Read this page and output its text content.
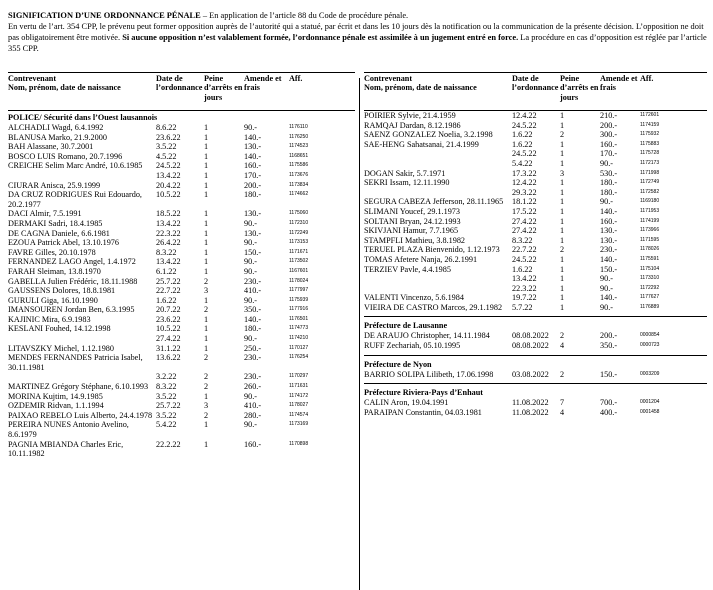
SIGNIFICATION D’UNE ORDONNANCE PÉNALE – En application de l’article 88 du Code de procédure pénale.

En vertu de l’art. 354 CPP, le prévenu peut former opposition auprès de l’autorité qui a statué, par écrit et dans les 10 jours dès la notification ou la communication de la présente décision. L’opposition ne doit pas obligatoirement être motivée. Si aucune opposition n’est valablement formée, l’ordonnance pénale est assimilée à un jugement entré en force. La procédure en cas d’opposition est réglée par l’article 355 CPP.

Contrevenant
Nom, prénom, date de naissance
Date de l’ordonnance
Peine d’arrêts en jours
Amende et frais
Aff.
POLICE/ Sécurité dans l’Ouest lausannois
ALCHADLI Wagd, 6.4.1992	8.6.22	1	90.-	1176110
BLANUSA Marko, 21.9.2000	23.6.22	1	140.-	1176250
BAH Alassane, 30.7.2001	3.5.22	1	130.-	1174523
BOSCO LUIS Romano, 20.7.1996	4.5.22	1	140.-	1168651
CREICHE Selim Marc André, 10.6.1985	24.5.22	1	160.-	1175586
13.4.22	1	170.-	1173676
CIURAR Anisca, 25.9.1999	20.4.22	1	200.-	1173834
DA CRUZ RODRIGUES Rui Edouardo, 20.2.1977
10.5.22	1	180.-	1174662
DACI Almir, 7.5.1991	18.5.22	1	130.-	1175060
DERMAKI Sadri, 18.4.1985	13.4.22	1	90.-	1172310
DE CAGNA Daniele, 6.6.1981	22.3.22	1	130.-	1172249
EZOUA Patrick Abel, 13.10.1976	26.4.22	1	90.-	1173153
FAVRE Gilles, 20.10.1978	8.3.22	1	150.-	1171671
FERNANDEZ LAGO Angel, 1.4.1972	13.4.22	1	90.-	1173502
FARAH Sleiman, 13.8.1970	6.1.22	1	90.-	1167601
GABELLA Julien Frédéric, 18.11.1988	25.7.22	2	230.-	1178024
GAUSSENS Dolores, 18.8.1981	22.7.22	3	410.-	1177997
GURULI Giga, 16.10.1990	1.6.22	1	90.-	1175939
IMANSOUREN Jordan Ben, 6.3.1995	20.7.22	2	350.-	1177916
KAJINIC Mira, 6.9.1983	23.6.22	1	140.-	1176501
KESLANI Fouhed, 14.12.1998	10.5.22	1	180.-	1174773
27.4.22	1	90.-	1174210
LITAVSZKY Michel, 1.12.1980	31.1.22	1	250.-	1170127
MENDES FERNANDES Patricia Isabel, 30.11.1981
13.6.22	2	230.-	1176254
3.2.22	2	230.-	1170297
MARTINEZ Grégory Stéphane, 6.10.1993 8.3.22	2	260.-	1171631
MORINA Kujtim, 14.9.1985	3.5.22	1	90.-	1174172
OZDEMIR Ridvan, 1.1.1994	25.7.22	3	410.-	1178027
PAIXAO REBELO Luis Alberto, 24.4.1978 3.5.22	2	280.-	1174574
PEREIRA NUNES Antonio Avelino, 8.6.1979
5.4.22	1	90.-	1173169
PAGNIA MBIANDA Charles Eric, 10.11.1982
22.2.22	1	160.-	1170898
Contrevenant
Nom, prénom, date de naissance
Date de l’ordonnance
Peine d’arrêts en jours
Amende et frais
Aff.
POIRIER Sylvie, 21.4.1959	12.4.22	1	210.-	1172601
RAMQAJ Dardan, 8.12.1986	24.5.22	1	200.-	1174159
SAENZ GONZALEZ Noelia, 3.2.1998	1.6.22	2	300.-	1175932
SAE-HENG Sahatsanai, 21.4.1999	1.6.22	1	160.-	1175883
24.5.22	1	170.-	1175728
5.4.22	1	90.-	1172173
DOGAN Sakir, 5.7.1971	17.3.22	3	530.-	1171998
SEKRI Issam, 12.11.1990	12.4.22	1	180.-	1172749
29.3.22	1	180.-	1172582
SEGURA CABEZA Jefferson, 28.11.1965	18.1.22	1	90.-	1169180
SLIMANI Youcef, 29.1.1973	17.5.22	1	140.-	1171953
SOLTANI Bryan, 24.12.1993	27.4.22	1	160.-	1174199
SKIVJANI Hamur, 7.7.1965	27.4.22	1	130.-	1173966
STAMPFLI Mathieu, 3.8.1982	8.3.22	1	130.-	1171595
TERUEL PLAZA Bienvenido, 1.12.1973	22.7.22	2	230.-	1178026
TOMAS Afetere Nanja, 26.2.1991	24.5.22	1	140.-	1175591
TERZIEV Pavle, 4.4.1985	1.6.22	1	150.-	1175104
13.4.22	1	90.-	1173310
22.3.22	1	90.-	1172292
VALENTI Vincenzo, 5.6.1984	19.7.22	1	140.-	1177627
VIEIRA DE CASTRO Marcos, 29.1.1982	5.7.22	1	90.-	1176889
Préfecture de Lausanne
DE ARAUJO Christopher, 14.11.1984	08.08.2022	2	200.-	0000854
RUFF Zechariah, 05.10.1995	08.08.2022	4	350.-	0000723
Préfecture de Nyon
BARRIO SOLIPA Lilibeth, 17.06.1998	03.08.2022	2	150.-	0003209
Préfecture Riviera-Pays d’Enhaut
CALIN Aron, 19.04.1991	11.08.2022	7	700.-	0001204
PARAIPAN Constantin, 04.03.1981	11.08.2022	4	400.-	0001458
